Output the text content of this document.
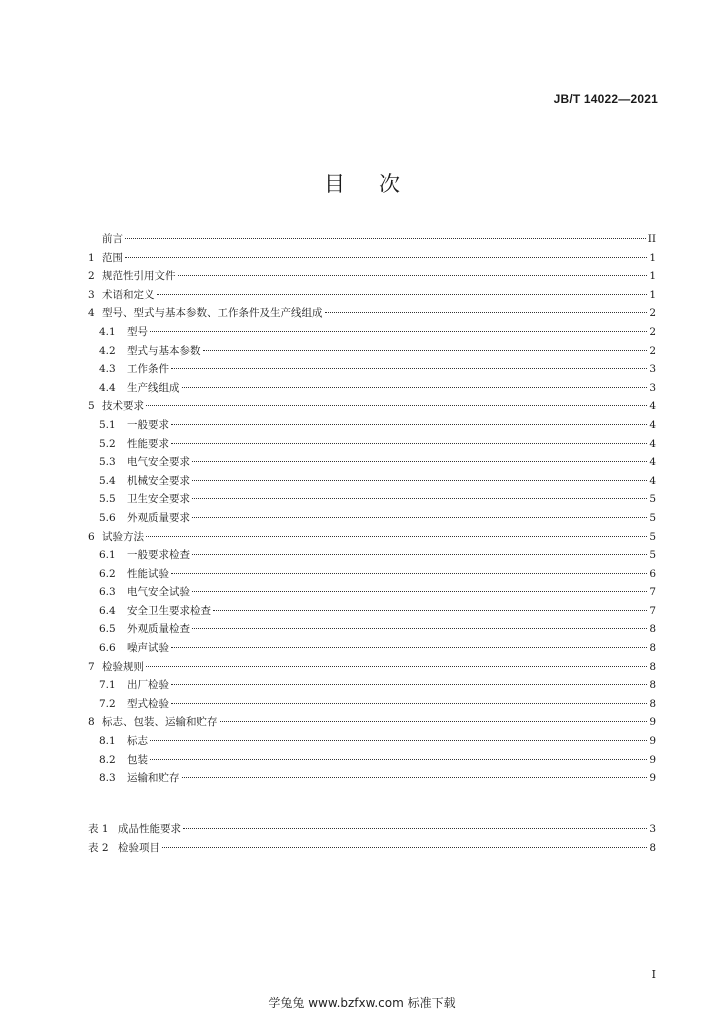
JB/T 14022—2021
目次
前言	II
1 范围	1
2 规范性引用文件	1
3 术语和定义	1
4 型号、型式与基本参数、工作条件及生产线组成	2
4.1 型号	2
4.2 型式与基本参数	2
4.3 工作条件	3
4.4 生产线组成	3
5 技术要求	4
5.1 一般要求	4
5.2 性能要求	4
5.3 电气安全要求	4
5.4 机械安全要求	4
5.5 卫生安全要求	5
5.6 外观质量要求	5
6 试验方法	5
6.1 一般要求检查	5
6.2 性能试验	6
6.3 电气安全试验	7
6.4 安全卫生要求检查	7
6.5 外观质量检查	8
6.6 噪声试验	8
7 检验规则	8
7.1 出厂检验	8
7.2 型式检验	8
8 标志、包装、运输和贮存	9
8.1 标志	9
8.2 包装	9
8.3 运输和贮存	9
表 1 成品性能要求	3
表 2 检验项目	8
I
学兔兔 www.bzfxw.com 标准下载
